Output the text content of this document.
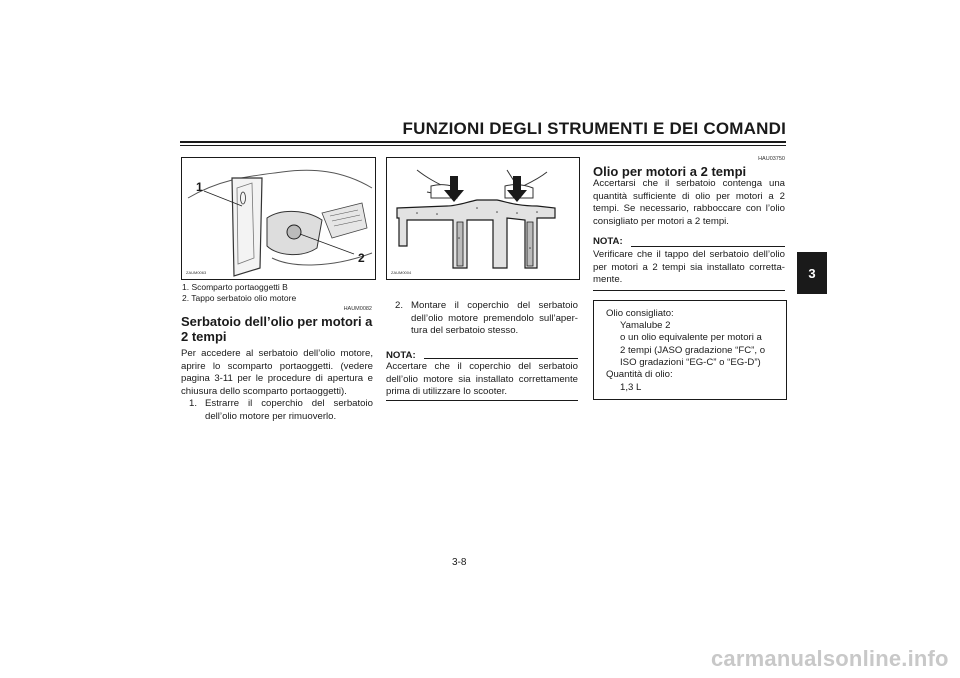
FUNZIONI DEGLI STRUMENTI E DEI COMANDI
3
1
2
ZAUM0063
1. Scomparto portaoggetti B
2. Tappo serbatoio olio motore
HAUM0082
Serbatoio dell’olio per motori a
2 tempi
Per accedere al serbatoio dell’olio motore, aprire lo scomparto portaoggetti. (vedere pagina 3-11 per le procedure di apertura e chiusura dello scomparto portaoggetti).
1. Estrarre il coperchio del serbatoio dell’olio motore per rimuoverlo.
ZAUM0004
2. Montare il coperchio del serbatoio dell’olio motore premendolo sull’aper-tura del serbatoio stesso.
NOTA:
Accertare che il coperchio del serbatoio dell’olio motore sia installato correttamente prima di utilizzare lo scooter.
HAU03750
Olio per motori a 2 tempi
Accertarsi che il serbatoio contenga una quantità sufficiente di olio per motori a 2 tempi. Se necessario, rabboccare con l’olio consigliato per motori a 2 tempi.
NOTA:
Verificare che il tappo del serbatoio dell’olio per motori a 2 tempi sia installato corretta-mente.
Olio consigliato:
Yamalube 2
o un olio equivalente per motori a
2 tempi (JASO gradazione “FC”, o
ISO gradazioni “EG-C” o “EG-D”)
Quantità di olio:
1,3 L
3-8
carmanualsonline.info
